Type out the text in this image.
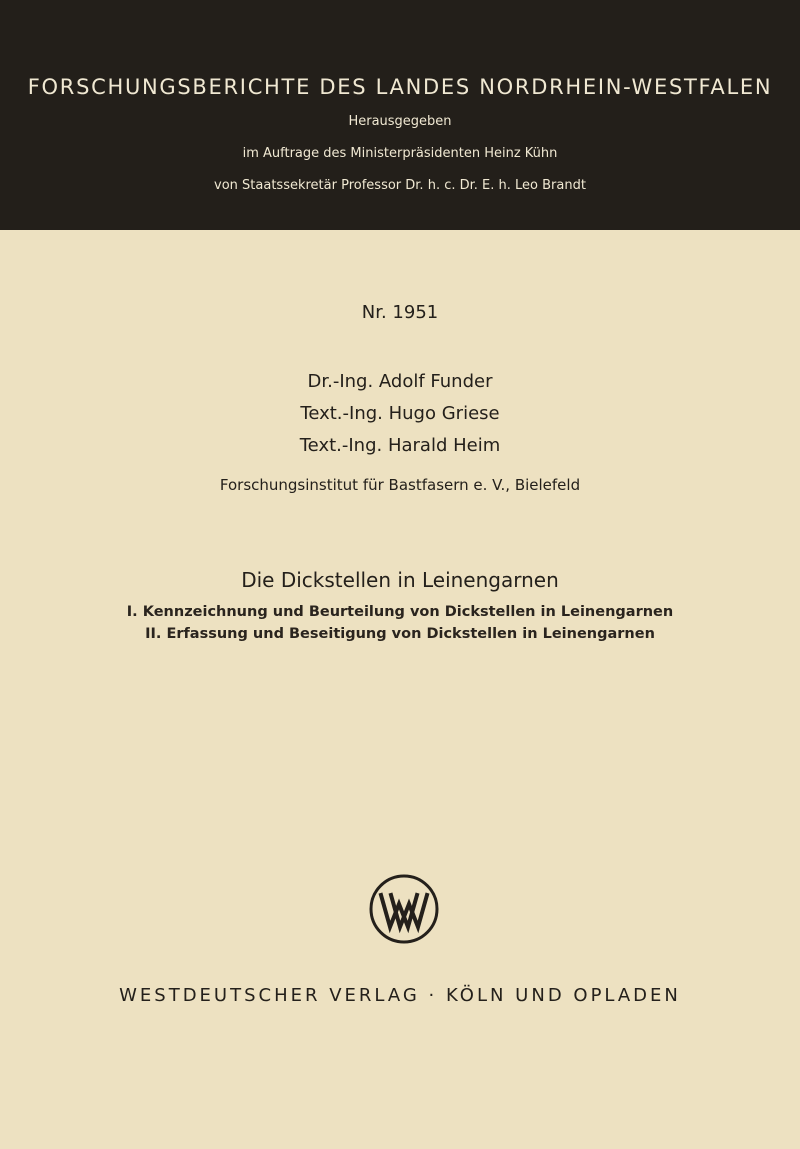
FORSCHUNGSBERICHTE DES LANDES NORDRHEIN-WESTFALEN
Herausgegeben
im Auftrage des Ministerpräsidenten Heinz Kühn
von Staatssekretär Professor Dr. h. c. Dr. E. h. Leo Brandt
Nr. 1951
Dr.-Ing. Adolf Funder
Text.-Ing. Hugo Griese
Text.-Ing. Harald Heim
Forschungsinstitut für Bastfasern e. V., Bielefeld
Die Dickstellen in Leinengarnen
I. Kennzeichnung und Beurteilung von Dickstellen in Leinengarnen
II. Erfassung und Beseitigung von Dickstellen in Leinengarnen
WESTDEUTSCHER VERLAG · KÖLN UND OPLADEN
